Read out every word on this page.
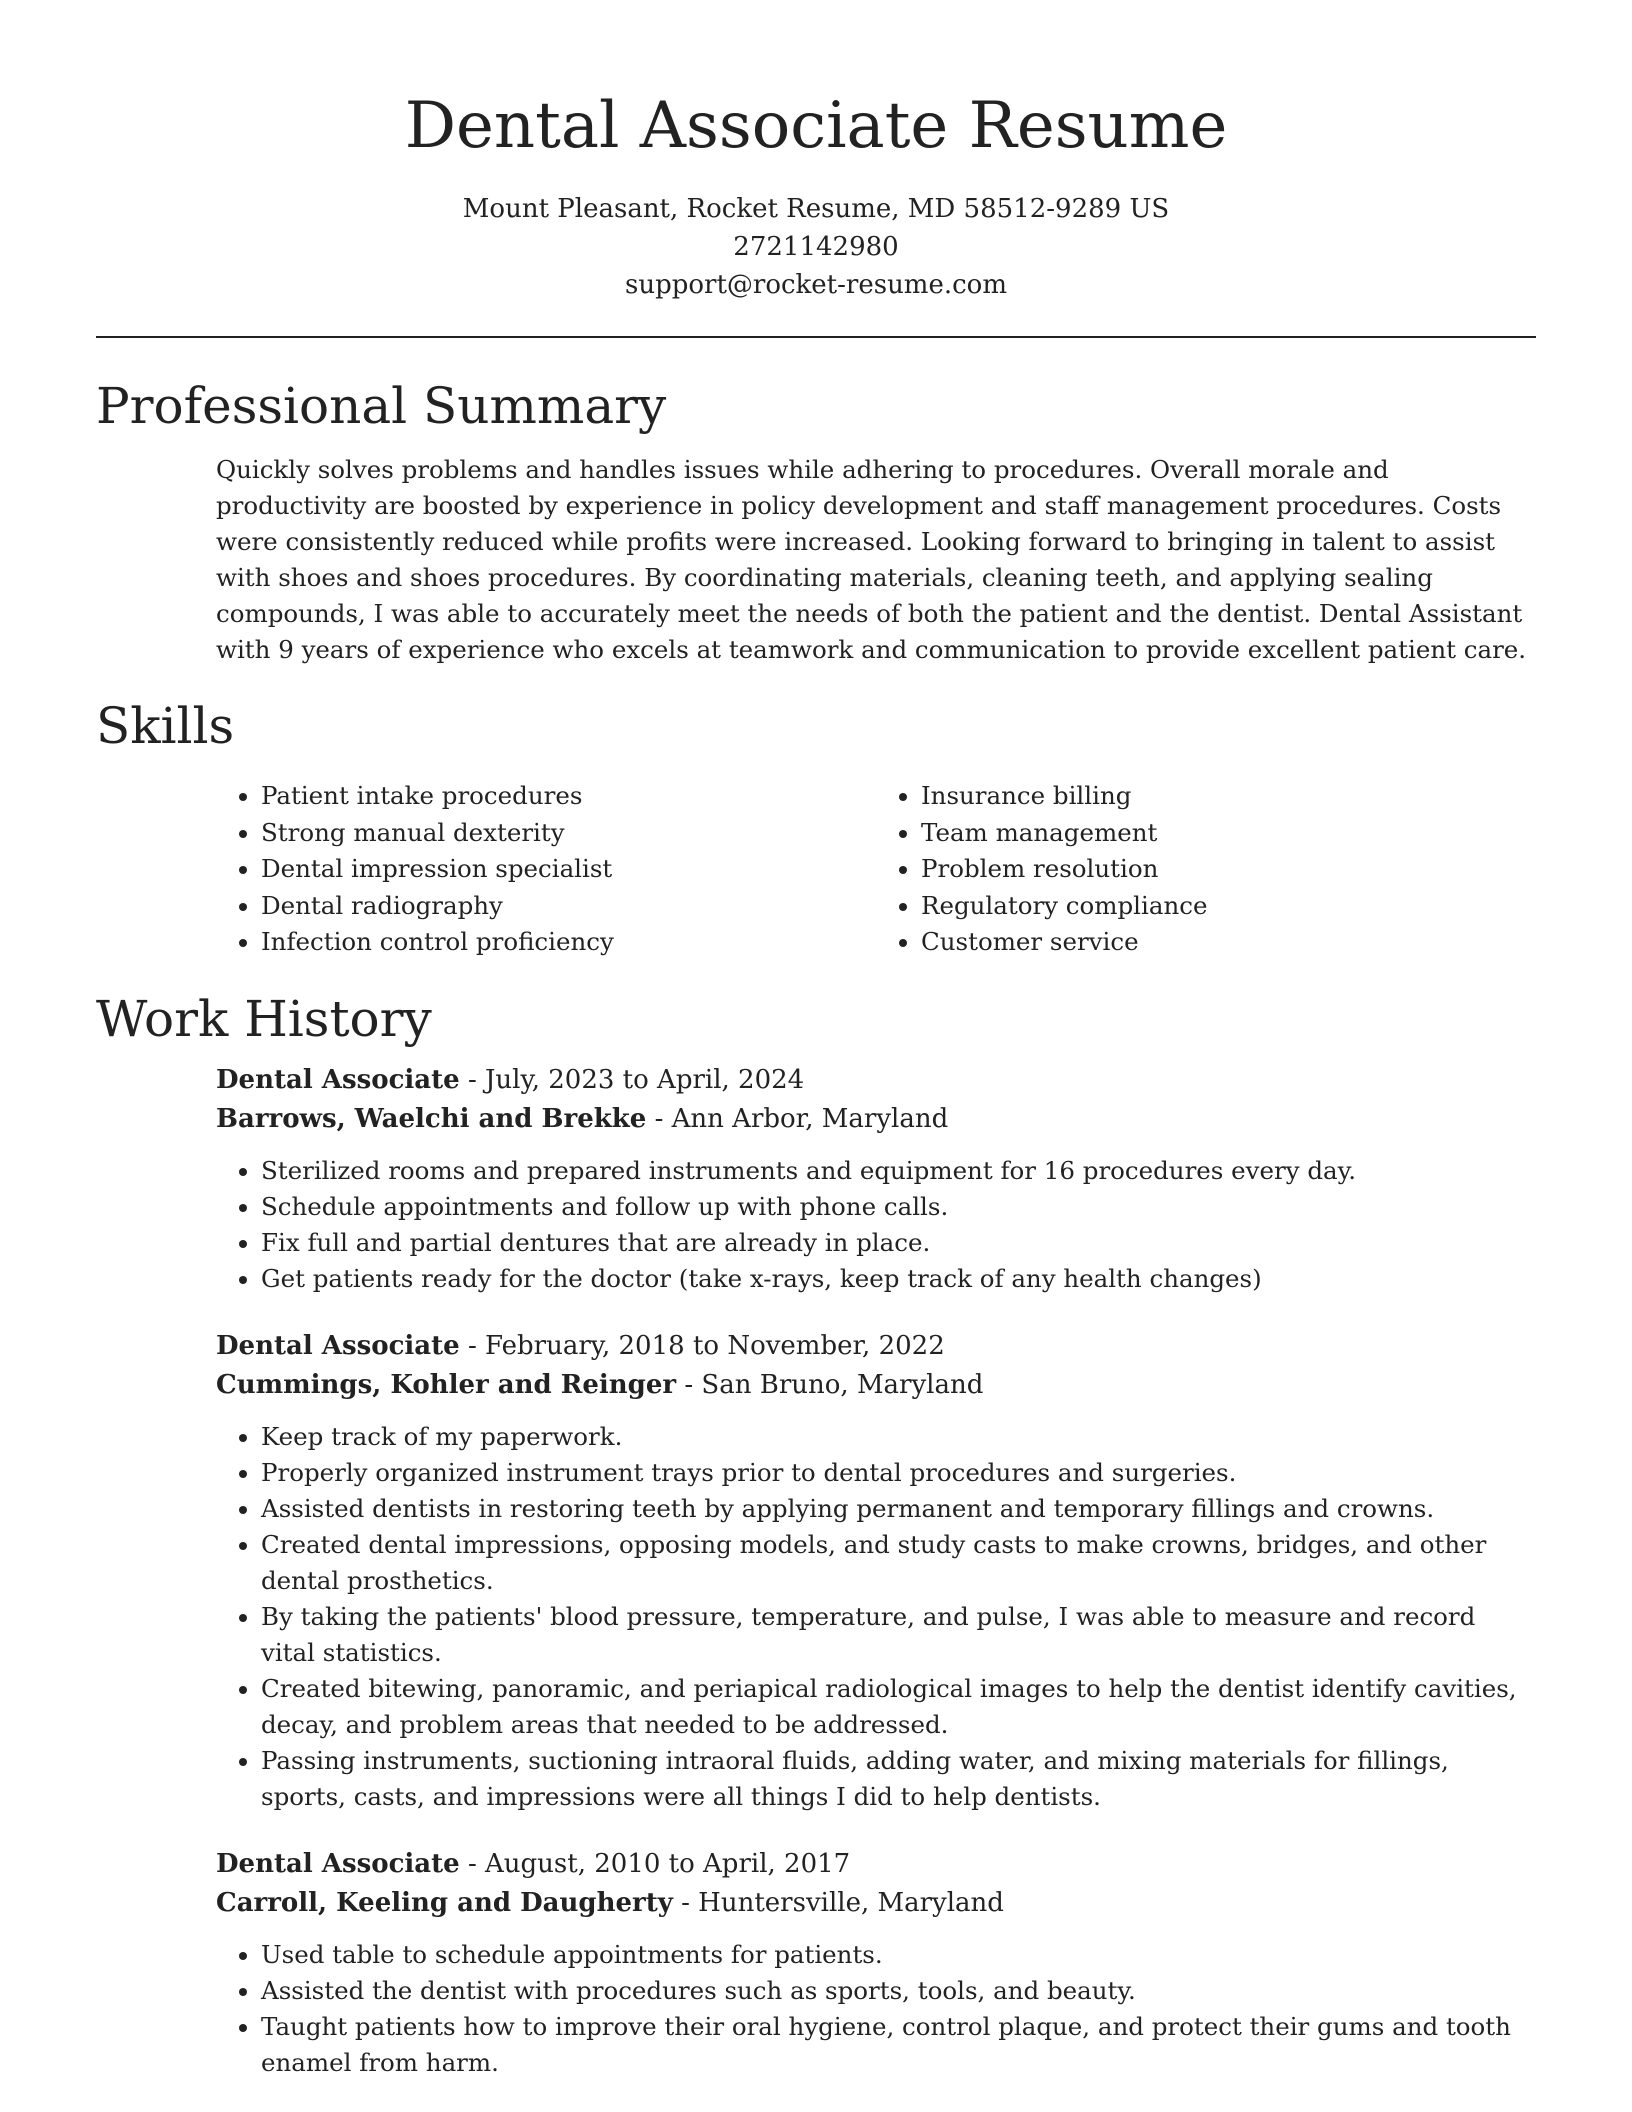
Dental Associate Resume

Mount Pleasant, Rocket Resume, MD 58512-9289 US

2721142980

support@rocket-resume.com

Professional Summary

Quickly solves problems and handles issues while adhering to procedures. Overall morale and productivity are boosted by experience in policy development and staff management procedures. Costs were consistently reduced while profits were increased. Looking forward to bringing in talent to assist with shoes and shoes procedures. By coordinating materials, cleaning teeth, and applying sealing compounds, I was able to accurately meet the needs of both the patient and the dentist. Dental Assistant with 9 years of experience who excels at teamwork and communication to provide excellent patient care.

Skills
• Patient intake procedures
• Strong manual dexterity
• Dental impression specialist
• Dental radiography
• Infection control proficiency
• Insurance billing
• Team management
• Problem resolution
• Regulatory compliance
• Customer service
Work History

Dental Associate - July, 2023 to April, 2024

Barrows, Waelchi and Brekke - Ann Arbor, Maryland

• Sterilized rooms and prepared instruments and equipment for 16 procedures every day.
• Schedule appointments and follow up with phone calls.
• Fix full and partial dentures that are already in place.
• Get patients ready for the doctor (take x-rays, keep track of any health changes)

Dental Associate - February, 2018 to November, 2022

Cummings, Kohler and Reinger - San Bruno, Maryland

• Keep track of my paperwork.
• Properly organized instrument trays prior to dental procedures and surgeries.
• Assisted dentists in restoring teeth by applying permanent and temporary fillings and crowns.
• Created dental impressions, opposing models, and study casts to make crowns, bridges, and other dental prosthetics.
• By taking the patients' blood pressure, temperature, and pulse, I was able to measure and record vital statistics.
• Created bitewing, panoramic, and periapical radiological images to help the dentist identify cavities, decay, and problem areas that needed to be addressed.
• Passing instruments, suctioning intraoral fluids, adding water, and mixing materials for fillings, sports, casts, and impressions were all things I did to help dentists.

Dental Associate - August, 2010 to April, 2017

Carroll, Keeling and Daugherty - Huntersville, Maryland

• Used table to schedule appointments for patients.
• Assisted the dentist with procedures such as sports, tools, and beauty.
• Taught patients how to improve their oral hygiene, control plaque, and protect their gums and tooth enamel from harm.
